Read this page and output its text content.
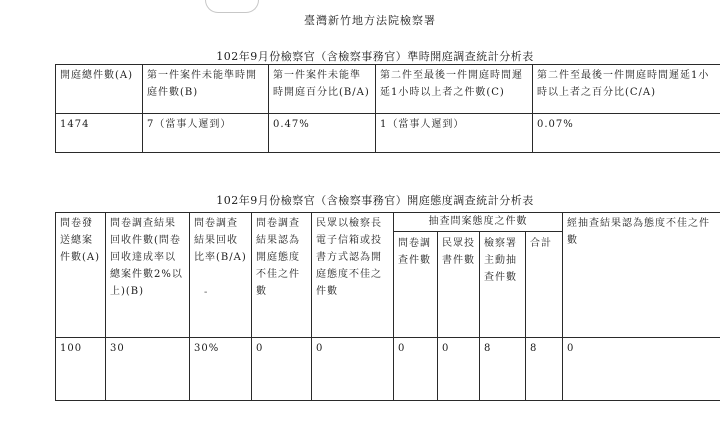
臺灣新竹地方法院檢察署
102年9月份檢察官（含檢察事務官）準時開庭調查統計分析表
開庭總件數(A)	第一件案件未能準時開庭件數(B)	第一件案件未能準時開庭百分比(B/A)	第二件至最後一件開庭時間遲延1小時以上者之件數(C)	第二件至最後一件開庭時間遲延1小時以上者之百分比(C/A)
1474	7（當事人遲到）	0.47%	1（當事人遲到）	0.07%
102年9月份檢察官（含檢察事務官）開庭態度調查統計分析表
問卷發送總案件數(A)	問卷調查結果回收件數(問卷回收達成率以總案件數2%以上)(B)	問卷調查結果回收比率(B/A)	問卷調查結果認為開庭態度不佳之件數	民眾以檢察長電子信箱或投書方式認為開庭態度不佳之件數	抽查問案態度之件數				經抽查結果認為態度不佳之件數
					問卷調查件數	民眾投書件數	檢察署主動抽查件數	合計	
100	30	30%	0	0	0	0	8	8	0
-
